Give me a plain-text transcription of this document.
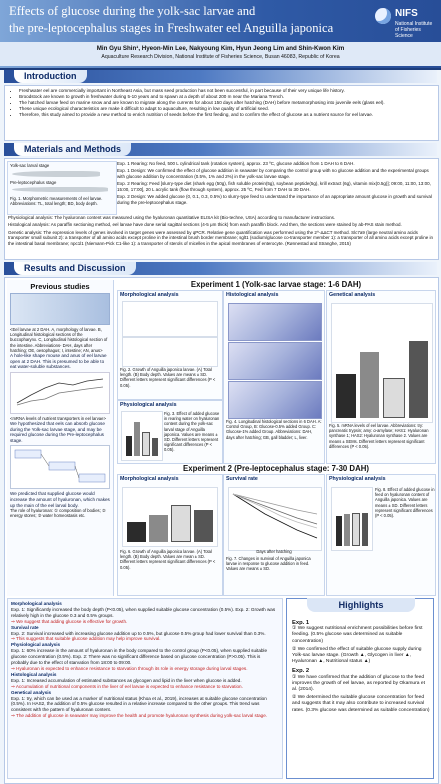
Effects of glucose during the yolk-sac larvae and
the pre-leptocephalus stages in Freshwater eel Anguilla japonica
NIFS
National Institute of Fisheries Science
Min Gyu Shin¹, Hyeon-Min Lee, Nakyoung Kim, Hyun Jeong Lim and Shin-Kwon Kim
Aquaculture Research Division, National Institute of Fisheries Science, Busan 46083, Republic of Korea
Introduction
• Freshwater eel are commercially important in Northeast Asia, but mass seed production has not been successful, in part because of their very unique life history.
• Broodstock are known to growth in freshwater during 5-10 years and to spawn at a depth of about 200 m near the Mariana Trench.
• The hatched larvae feed on marine snow and are known to migrate along the currents for about 150 days after hatching (DAH) before metamorphosing into juvenile eels (glass eel).
• These unique ecological characteristics are make it difficult to adapt to aquaculture, resulting in low quality of artificial seed.
• Therefore, this study aimed to provide a new method to enrich nutrition of seeds before the first feeding, and to confirm the effect of glucose as a nutrient source for eel larvae.
Materials and Methods
Yolk-sac larval stage
Pre-leptocephalus stage
Fig. 1. Morphometric measurements of eel larvae. Abbreviations: TL, total length; BD, body depth.

Exp. 1 Rearing: No feed, 500 L cylindrical tank (rotation system), approx. 23 ºC, glucose addition from 1 DAH to 6 DAH.

Exp. 1 Design: We confirmed the effect of glucose addition in seawater by comparing the control group with no glucose addition and the experimental groups with glucose addition by concentration (0.5%, 1% and 2%) in the yolk-sac larvae stage.

Exp. 2 Rearing: Feed [slurry-type diet (shark egg (50g), fish soluble protein(5g), soybean peptide(5g), krill extract (6g), vitamin mix(0.5g)]; 09:00, 11:00, 13:00, 15:00, 17:00], 20 L acrylic tank (flow through system), approx. 25 ºC, Fed from 7 DAH to 30 DAH.

Exp. 2 Design: We added glucose (0, 0.1, 0.3, 0.5%) to slurry-type feed to understand the importance of an appropriate amount glucose in growth and survival during the pre-leptocephalus stage.

Physiological analysis: The hyaluronan content was measured using the hyaluronan quantitative ELISA kit (Bio-techne, USA) according to manufacturer instructions.

Histological analysis: As paraffin sectioning method, eel larvae have done serial sagittal sections (4-5 μm thick) from each paraffin block. And then, the sections were stained by ab-PAS stain method.

Genetic analysis: The expression levels of genes involved in target genes were assessed by qPCR. Relative gene quantification was performed using the 2^-ΔΔCT method. Slc7a9 (large neutral amino acids transporter small subunit 2): a transporter of all amino acids except proline in the intestinal brush border membrane; sglt1 (sodium/glucose co-transporter member 1): a transporter of all amino acids except proline in the intestinal basal membrane; npc1l1 (Niemann-Pick C1-like 1): a transporter of sterols of micelles in the apical membranes of enterocyte. (Rønnestad and Stranghe, 2015)

Results and Discussion
Previous studies
<Eel larvae at 2 DAH. A, morphology of larvae. B, Longitudinal histological sections of the buccopharynx. C, Longitudinal histological section of the intestine. Abbreviations- DAH, days after hatching; OE, oesophagus; I, intestine; AN, anus>
A hole-like shape mouse and anus of eel larvae open at 2 DAH. This is presumed to be able to eat water-soluble substances.
<mRNA levels of nutrient transporters in eel larvae>
We hypothesized that eels can absorb glucose during the Yolk-sac larvae stage, and may be required glucose during the Pre-leptocephalus stage.
We predicted that supplied glucose would increase the amount of hyaluronan, which makes up the main of the eel larval body.
The role of hyaluronan: ① composition of bodies; ② energy stores; ③ water homeostasis etc.
Experiment 1 (Yolk-sac larvae stage: 1-6 DAH)
Morphological analysis
Fig. 2. Growth of Anguilla japonica larvae. (A) Total length. (B) Body depth. Values are means ± SD. Different letters represent significant differences (P < 0.05).
Physiological analysis
Fig. 3. Effect of added glucose in rearing water on hyaluronan content during the yolk-sac larval stage of Anguilla japonica. Values are means ± SD. Different letters represent significant differences (P < 0.05).
Histological analysis
Fig. 4. Longitudinal histological sections in 6 DAH. A: Control Group, B: Glucose-0.5% added Group. C: Glucose-1% added Group. Abbreviations: DAH, days after hatching; GB, gall bladder; L, liver.
Genetical analysis
Fig. 5. mRNA levels of eel larvae. Abbreviations: try: pancreatic trypsin; amy: α-amylase; HAS1: Hyaluronan synthase 1; HAS2: Hyaluronan synthase 2. Values are means ± SEMs. Different letters represent significant differences (P < 0.05).
Experiment 2 (Pre-leptocephalus stage: 7-30 DAH)
Morphological analysis
Fig. 6. Growth of Anguilla japonica larvae. (A) Total length. (B) Body depth. Values are mean ± SD. Different letters represent significant differences (P < 0.05).
Survival rate
Days after hatching
Fig. 7. Changes in survival of Anguilla japonica larvae in response to glucose addition in feed. Values are means ± SD.
Physiological analysis
Fig. 8. Effect of added glucose in feed on hyaluronan content of Anguilla japonica. Values are means ± SD. Different letters represent significant differences (P < 0.05).
Morphological analysis
Exp. 1: Significantly increased the body depth (P<0.05), when supplied suitable glucose concentration (0.5%). Exp. 2: Growth was relatively high in the glucose 0.3 and 0.5% groups.
⇒ We suggest that adding glucose is effective for growth.
Survival rate
Exp. 2: Survival increased with increasing glucose addition up to 0.5%, but glucose 0.5% group had lower survival than 0.3%.
⇒ This suggests that suitable glucose addition may help improve survival.
Physiological analysis
Exp. 1: 60% increase in the amount of hyaluronan in the body compared to the control group (P<0.05), when supplied suitable glucose concentration (0.5%). Exp. 2: There was no significant difference based on glucose concentration (P>0.05). This is probably due to the effect of starvation from 18:00 to 09:00.
⇒ Hyaluronan is expected to enhance resistance to starvation through its role in energy storage during larval stages.
Histological analysis
Exp. 1: Increased accumulation of estimated substances as glycogen and lipid in the liver when glucose is added.
⇒ Accumulation of nutritional components in the liver of eel larvae is expected to enhance resistance to starvation.
Genetical analysis
Exp. 1: try, which can be used as a marker of nutritional status (Khoa et al., 2019), increases at suitable glucose concentration (0.5%). In HAS2, the addition of 0.5% glucose resulted in a relative increase compared to the other groups. This trend was consistent with the pattern of hyaluronan content.
⇒ The addition of glucose in seawater may improve the health and promote hyaluronan synthesis during yolk-sac larval stage.
Highlights
Exp. 1
① We suggest nutritional enrichment possibilities before first feeding. (0.5% glucose was determined as suitable concentration)
② We confirmed the effect of suitable glucose supply during Yolk-sac larvae stage. (Growth ▲, Glycogen in liver ▲, Hyaluronan ▲, Nutritional status ▲)
Exp. 2
① We have confirmed that the addition of glucose to the feed improves the growth of eel larvae, as reported by Okamura et al. (2014).
② We determined the suitable glucose concentration for feed and suggests that it may also contribute to increased survival rates. (0.3% glucose was determined as suitable concentration)
